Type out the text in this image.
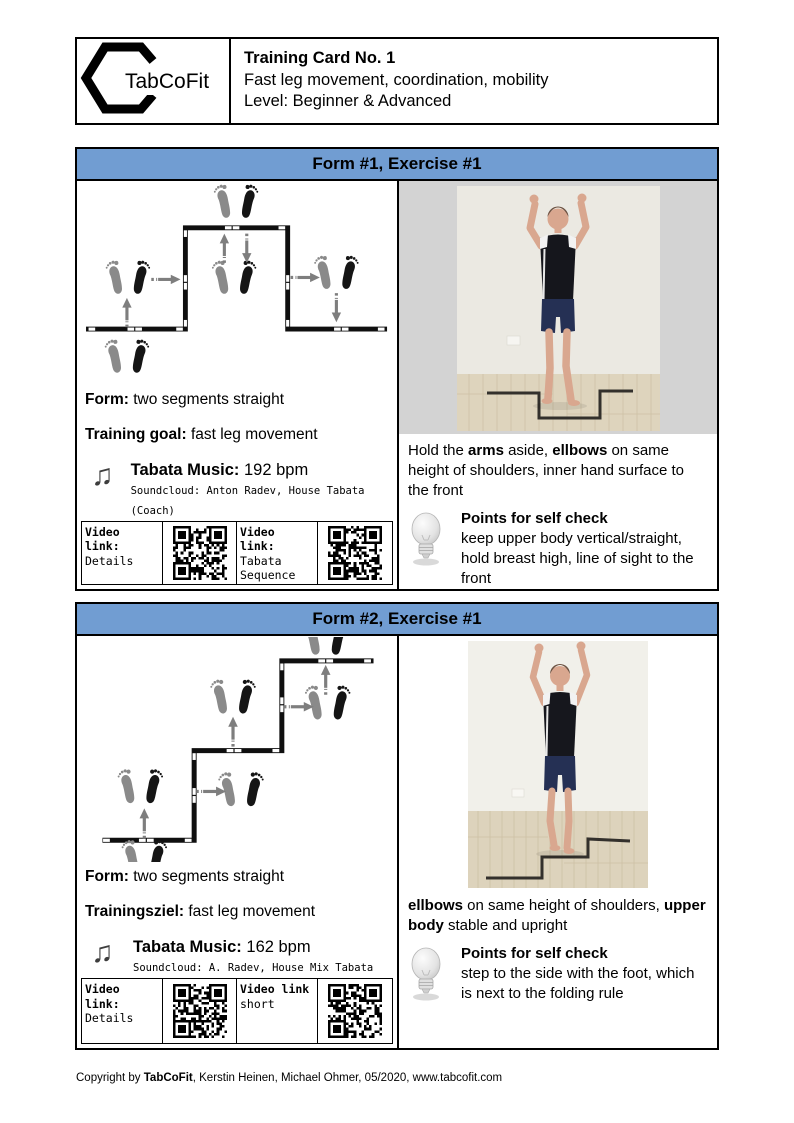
TabCoFit
Training Card No. 1
Fast leg movement, coordination, mobility
Level: Beginner & Advanced
Form #1, Exercise #1
Form: two segments straight
Training goal: fast leg movement
♫ Tabata Music: 192 bpm
Soundcloud: Anton Radev, House Tabata (Coach)
Video link:
Details
Video link:
Tabata Sequence
Hold the arms aside, ellbows on same height of shoulders, inner hand surface to the front
Points for self check
keep upper body vertical/straight, hold breast high, line of sight to the front
Form #2, Exercise #1
Form: two segments straight
Trainingsziel: fast leg movement
♫ Tabata Music: 162 bpm
Soundcloud: A. Radev, House Mix Tabata
Video link:
Details
Video link
short
ellbows on same height of shoulders, upper body stable and upright
Points for self check
step to the side with the foot, which is next to the folding rule
Copyright by TabCoFit, Kerstin Heinen, Michael Ohmer, 05/2020, www.tabcofit.com
